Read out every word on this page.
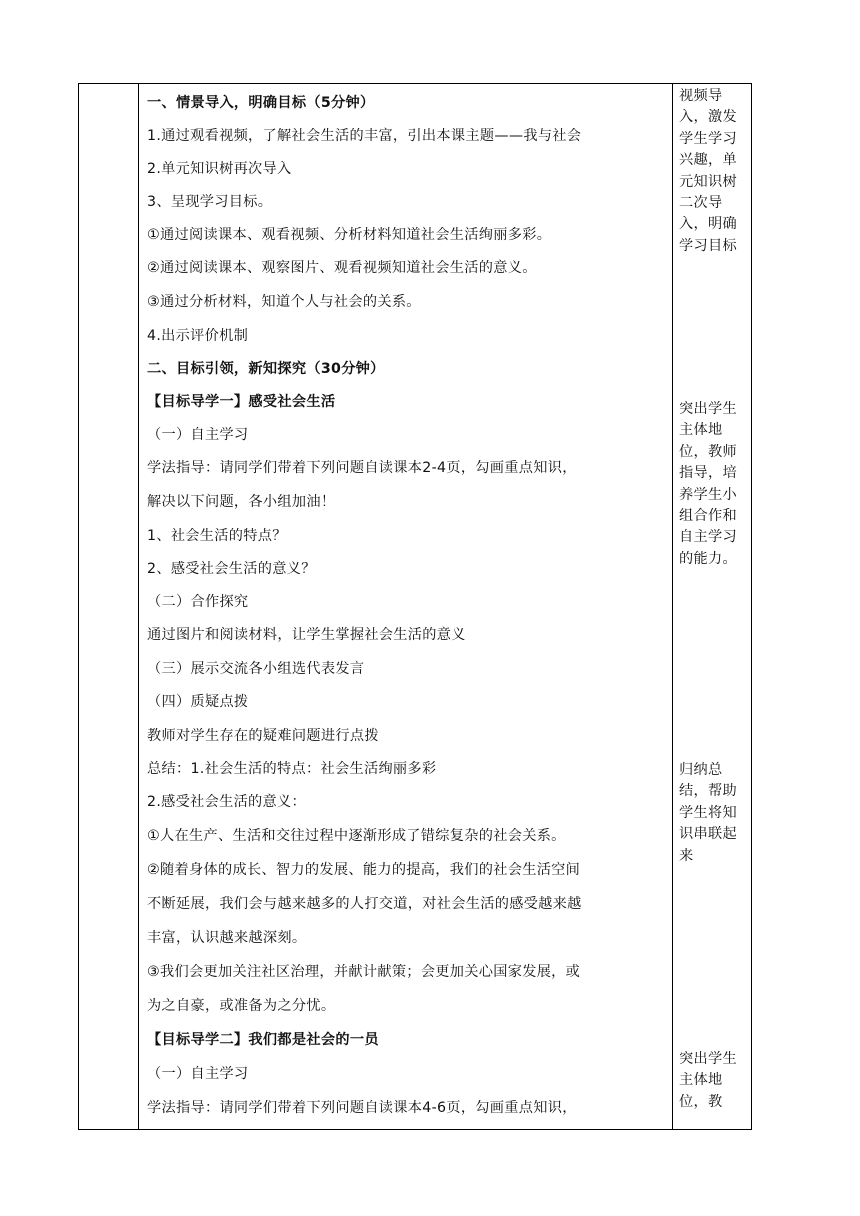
一、情景导入，明确目标（5分钟）
1.通过观看视频，了解社会生活的丰富，引出本课主题——我与社会
2.单元知识树再次导入
3、呈现学习目标。
①通过阅读课本、观看视频、分析材料知道社会生活绚丽多彩。
②通过阅读课本、观察图片、观看视频知道社会生活的意义。
③通过分析材料，知道个人与社会的关系。
4.出示评价机制
二、目标引领，新知探究（30分钟）
【目标导学一】感受社会生活
（一）自主学习
学法指导：请同学们带着下列问题自读课本2-4页，勾画重点知识，
解决以下问题，各小组加油！
1、社会生活的特点？
2、感受社会生活的意义？
（二）合作探究
通过图片和阅读材料，让学生掌握社会生活的意义
（三）展示交流各小组选代表发言
（四）质疑点拨
教师对学生存在的疑难问题进行点拨
总结：1.社会生活的特点：社会生活绚丽多彩
2.感受社会生活的意义：
①人在生产、生活和交往过程中逐渐形成了错综复杂的社会关系。
②随着身体的成长、智力的发展、能力的提高，我们的社会生活空间
不断延展，我们会与越来越多的人打交道，对社会生活的感受越来越
丰富，认识越来越深刻。
③我们会更加关注社区治理，并献计献策；会更加关心国家发展，或
为之自豪，或准备为之分忧。
【目标导学二】我们都是社会的一员
（一）自主学习
学法指导：请同学们带着下列问题自读课本4-6页，勾画重点知识，
视频导入，激发学生学习兴趣，单元知识树二次导入，明确学习目标
突出学生主体地位，教师指导，培养学生小组合作和自主学习的能力。
归纳总结，帮助学生将知识串联起来
突出学生主体地位，教
